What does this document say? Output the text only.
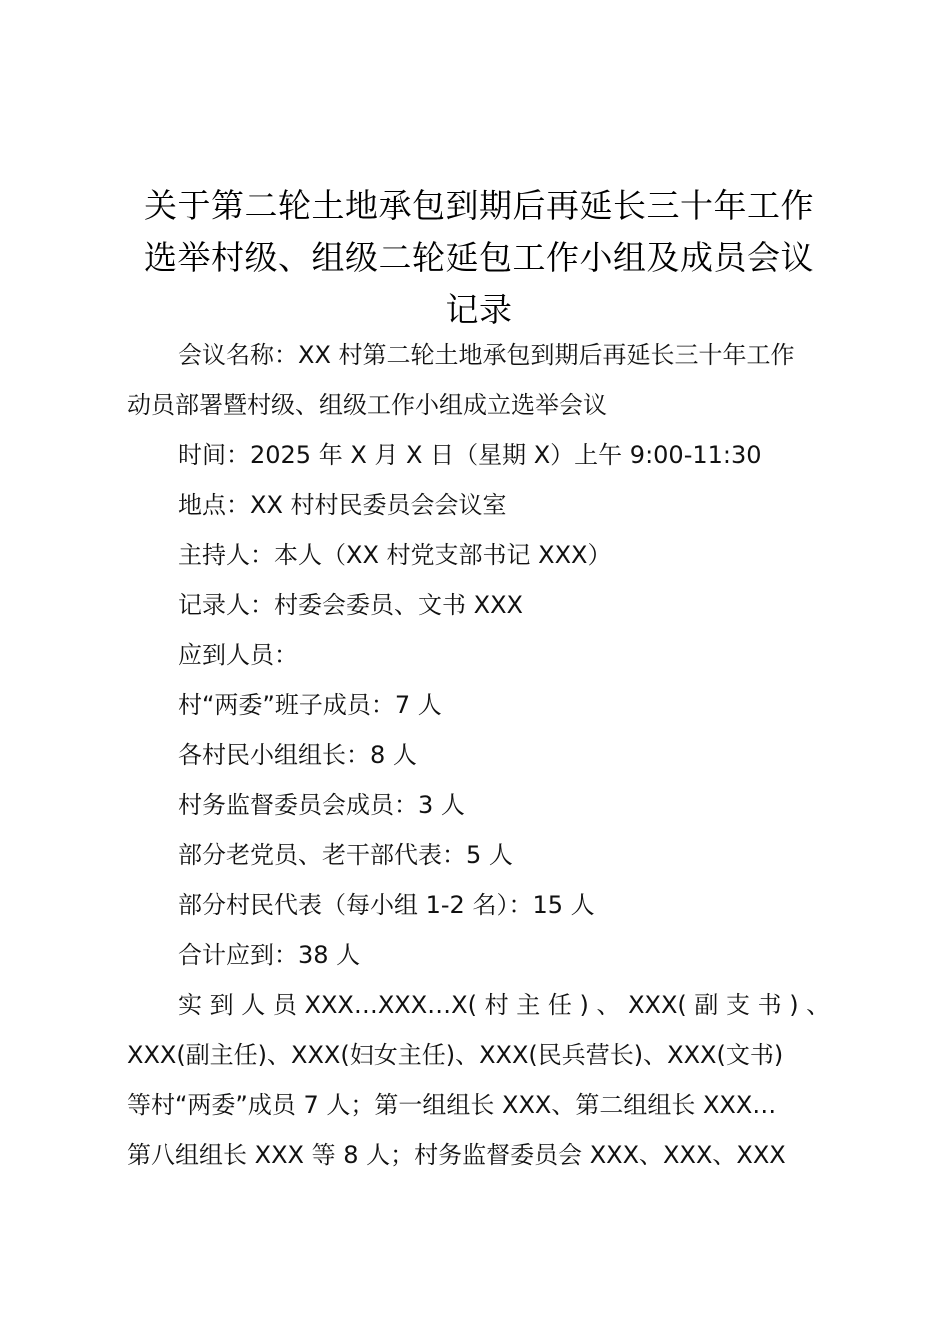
关于第二轮土地承包到期后再延长三十年工作
选举村级、组级二轮延包工作小组及成员会议
记录
会议名称：XX 村第二轮土地承包到期后再延长三十年工作
动员部署暨村级、组级工作小组成立选举会议
时间：2025 年 X 月 X 日（星期 X）上午 9:00-11:30
地点：XX 村村民委员会会议室
主持人：本人（XX 村党支部书记 XXX）
记录人：村委会委员、文书 XXX
应到人员：
村“两委”班子成员：7 人
各村民小组组长：8 人
村务监督委员会成员：3 人
部分老党员、老干部代表：5 人
部分村民代表（每小组 1-2 名）：15 人
合计应到：38 人
实 到 人 员 XXX…XXX…X( 村 主 任 ) 、 XXX( 副 支 书 ) 、
XXX(副主任)、XXX(妇女主任)、XXX(民兵营长)、XXX(文书)
等村“两委”成员 7 人；第一组组长 XXX、第二组组长 XXX…
第八组组长 XXX 等 8 人；村务监督委员会 XXX、XXX、XXX
